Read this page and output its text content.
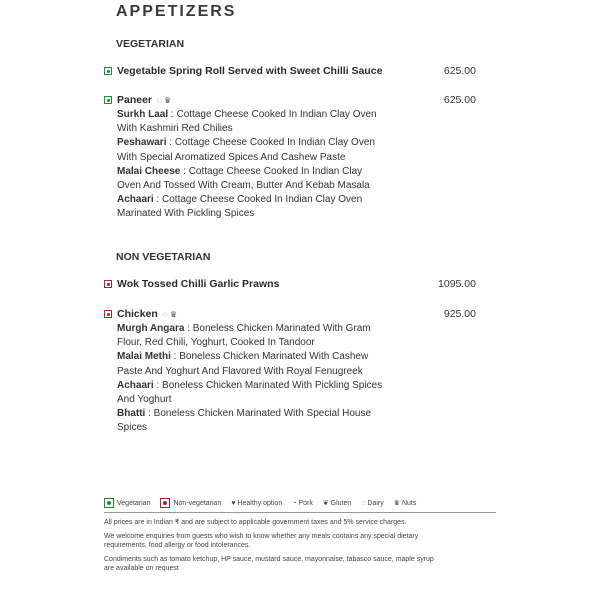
APPETIZERS
VEGETARIAN
Vegetable Spring Roll Served with Sweet Chilli Sauce	625.00
Paneer ◌ ♛	625.00
Surkh Laal : Cottage Cheese Cooked In Indian Clay Oven With Kashmiri Red Chilies
Peshawari : Cottage Cheese Cooked In Indian Clay Oven With Special Aromatized Spices And Cashew Paste
Malai Cheese : Cottage Cheese Cooked In Indian Clay Oven And Tossed With Cream, Butter And Kebab Masala
Achaari : Cottage Cheese Cooked In Indian Clay Oven Marinated With Pickling Spices
NON VEGETARIAN
Wok Tossed Chilli Garlic Prawns	1095.00
Chicken ◌ ♛	925.00
Murgh Angara : Boneless Chicken Marinated With Gram Flour, Red Chili, Yoghurt, Cooked In Tandoor
Malai Methi : Boneless Chicken Marinated With Cashew Paste And Yoghurt And Flavored With Royal Fenugreek
Achaari : Boneless Chicken Marinated With Pickling Spices And Yoghurt
Bhatti : Boneless Chicken Marinated With Special House Spices
Vegetarian	Non-vegetarian ♥ Healthy option ◔ Pork ❦ Gluten ◌ Dairy ♛ Nuts

All prices are in Indian ₹ and are subject to applicable government taxes and 5% service charges.

We welcome enquiries from guests who wish to know whether any meals contains any special dietary requirements, food allergy or food intolerances.

Condiments such as tomato ketchup, HP sauce, mustard sauce, mayonnaise, tabasco sauce, maple syrup are available on request
